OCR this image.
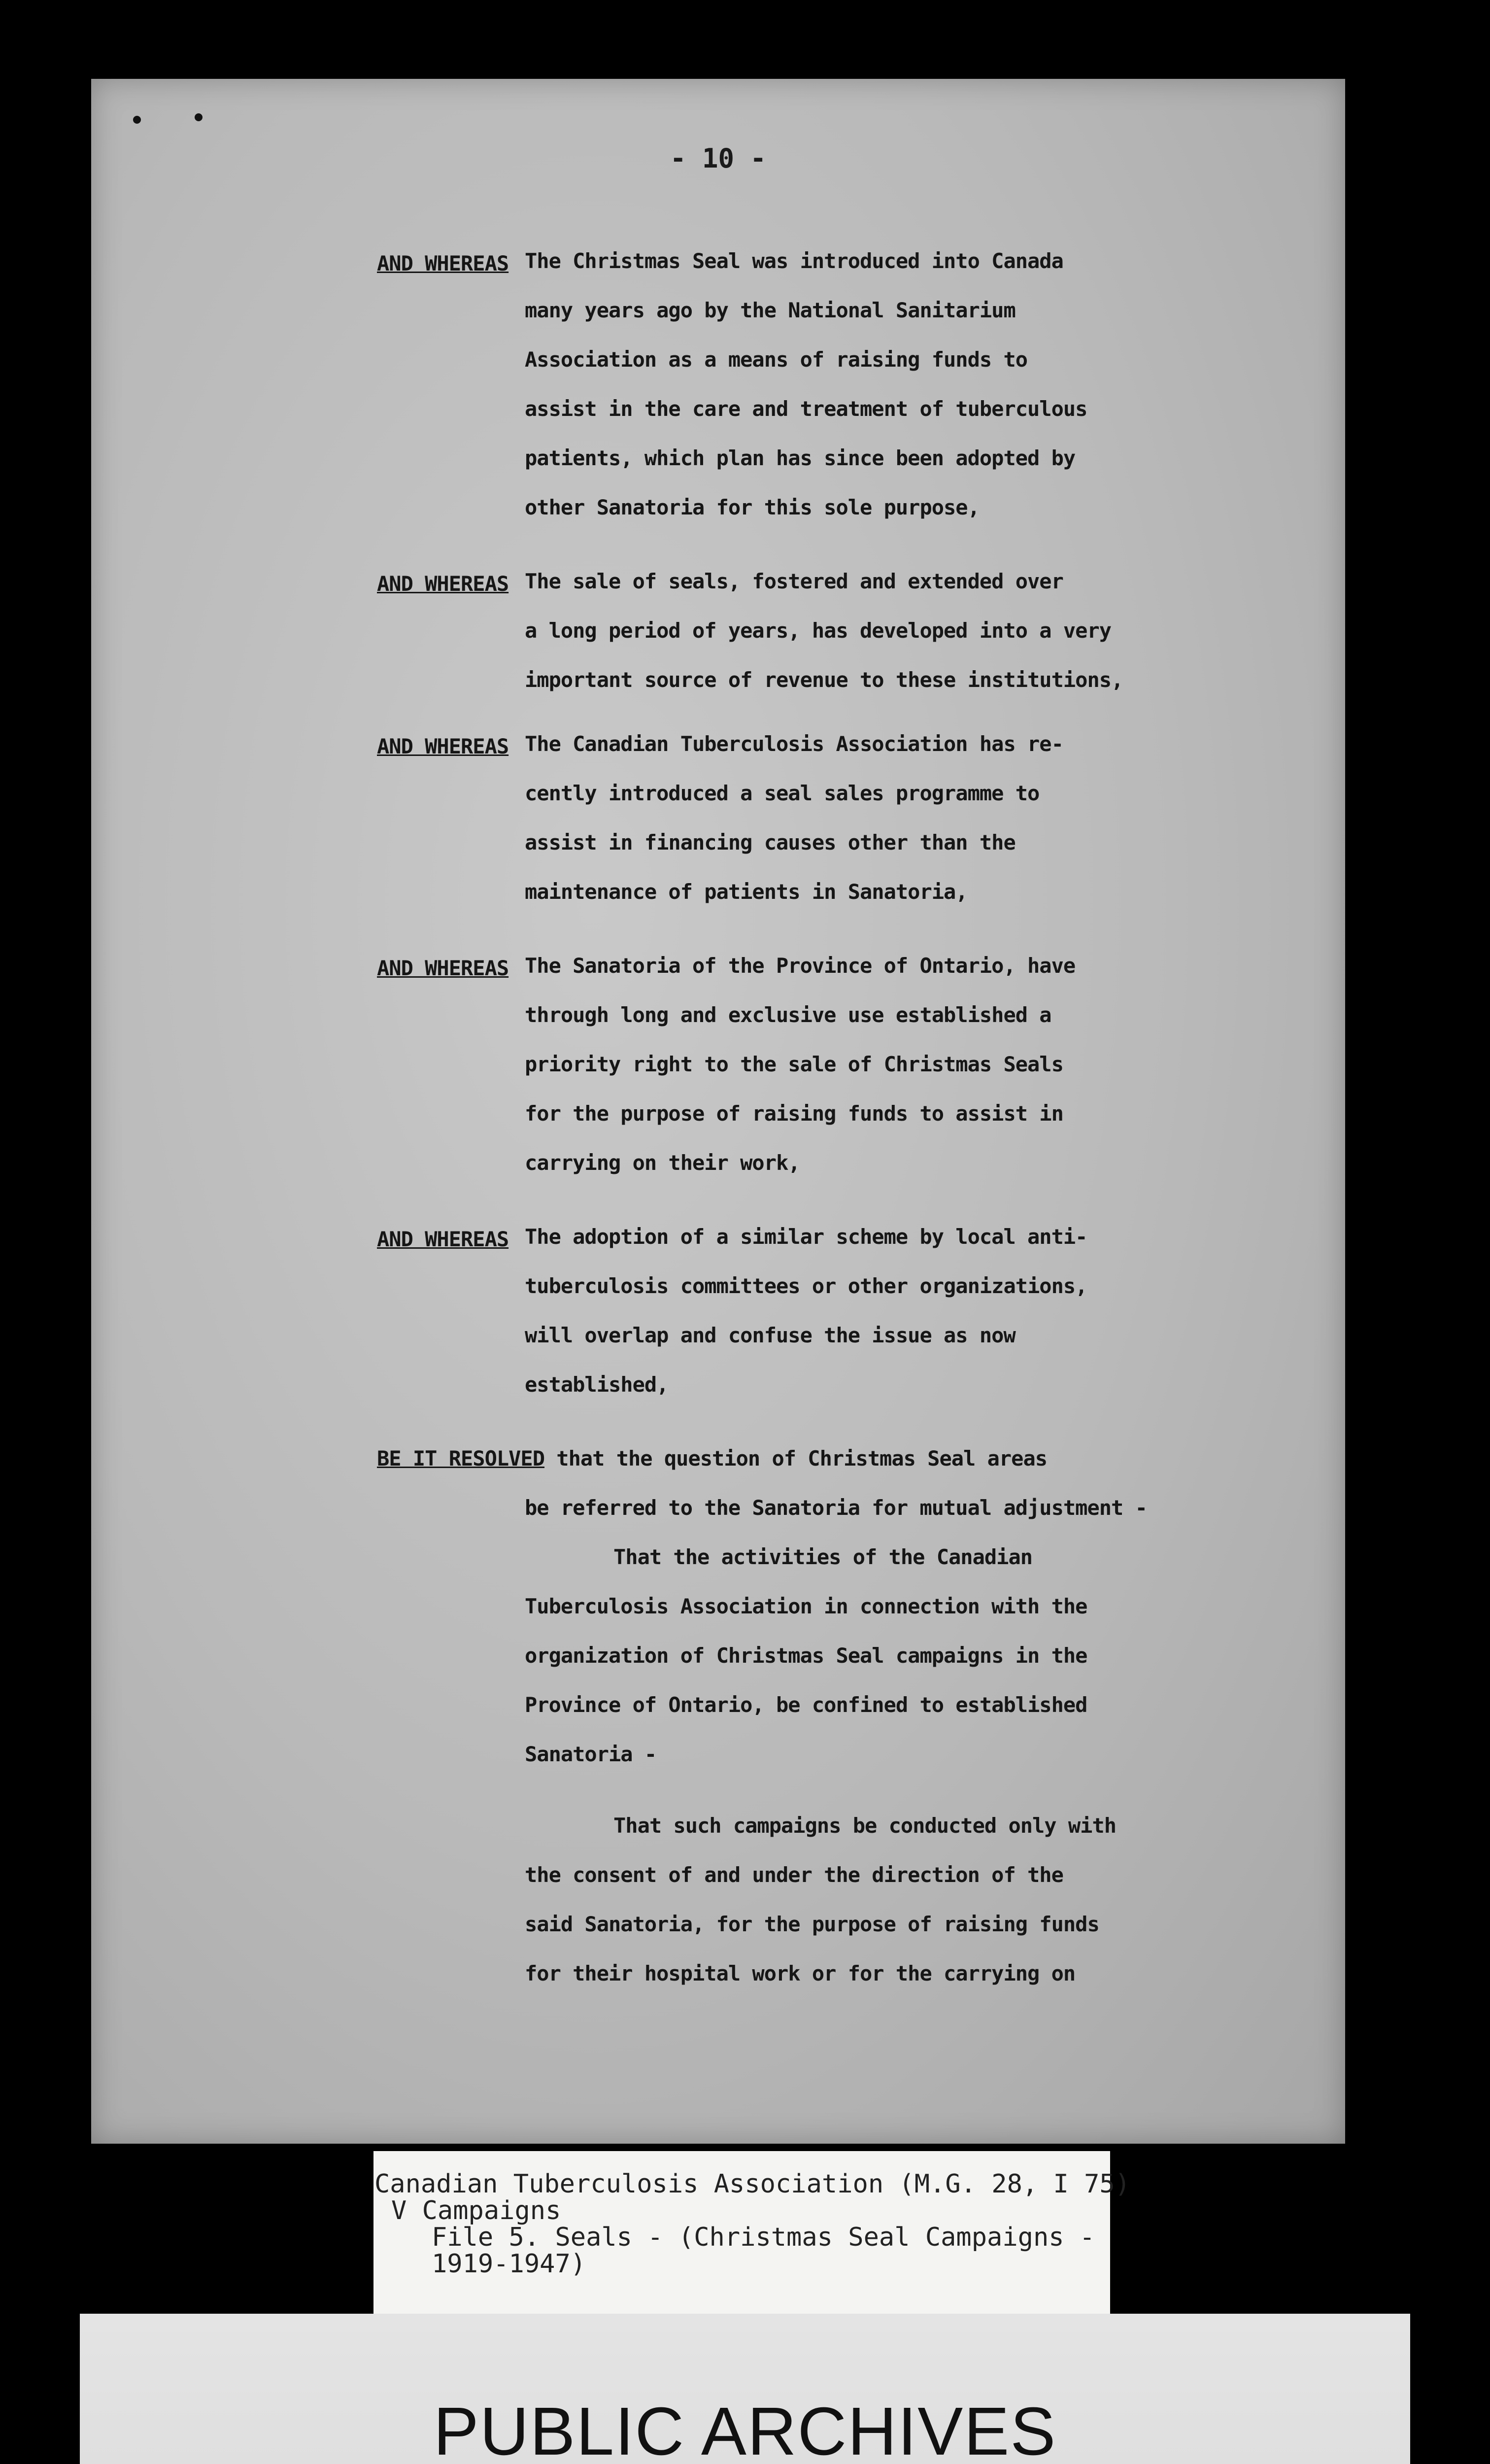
- 10 -
AND WHEREAS The Christmas Seal was introduced into Canada
many years ago by the National Sanitarium
Association as a means of raising funds to
assist in the care and treatment of tuberculous
patients, which plan has since been adopted by
other Sanatoria for this sole purpose,
AND WHEREAS The sale of seals, fostered and extended over
a long period of years, has developed into a very
important source of revenue to these institutions,
AND WHEREAS The Canadian Tuberculosis Association has re-
cently introduced a seal sales programme to
assist in financing causes other than the
maintenance of patients in Sanatoria,
AND WHEREAS The Sanatoria of the Province of Ontario, have
through long and exclusive use established a
priority right to the sale of Christmas Seals
for the purpose of raising funds to assist in
carrying on their work,
AND WHEREAS The adoption of a similar scheme by local anti-
tuberculosis committees or other organizations,
will overlap and confuse the issue as now
established,
BE IT RESOLVED that the question of Christmas Seal areas
be referred to the Sanatoria for mutual adjustment -
That the activities of the Canadian
Tuberculosis Association in connection with the
organization of Christmas Seal campaigns in the
Province of Ontario, be confined to established
Sanatoria -
That such campaigns be conducted only with
the consent of and under the direction of the
said Sanatoria, for the purpose of raising funds
for their hospital work or for the carrying on
Canadian Tuberculosis Association (M.G. 28, I 75)
V Campaigns
File 5. Seals - (Christmas Seal Campaigns -
1919-1947)
PUBLIC ARCHIVES
